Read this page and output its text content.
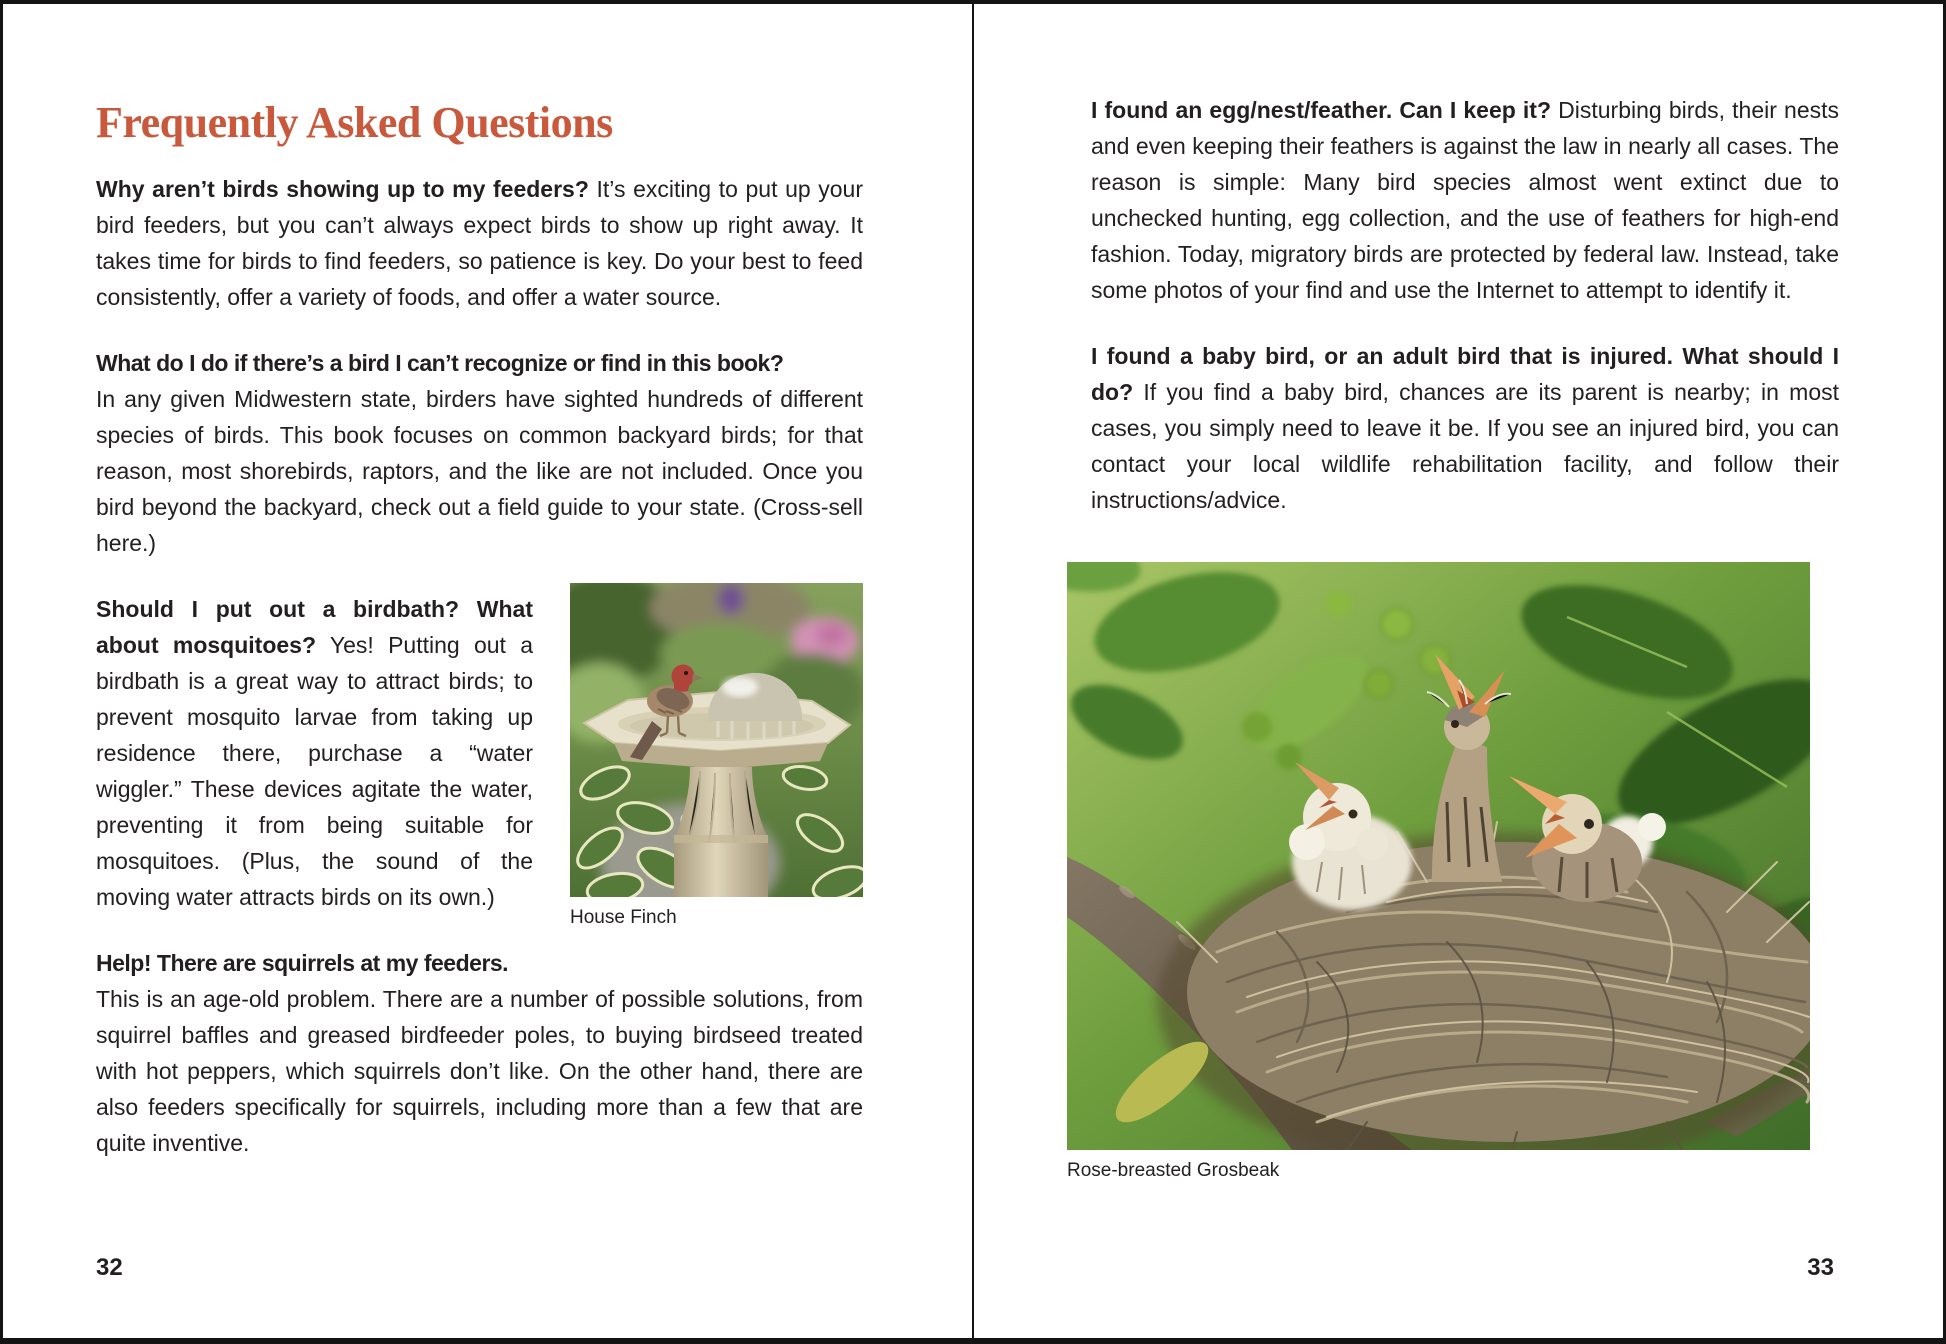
Frequently Asked Questions

Why aren’t birds showing up to my feeders? It’s exciting to put up your bird feeders, but you can’t always expect birds to show up right away. It takes time for birds to find feeders, so patience is key. Do your best to feed consistently, offer a variety of foods, and offer a water source.

What do I do if there’s a bird I can’t recognize or find in this book?
In any given Midwestern state, birders have sighted hundreds of different species of birds. This book focuses on common backyard birds; for that reason, most shorebirds, raptors, and the like are not included. Once you bird beyond the backyard, check out a field guide to your state. (Cross-sell here.)

House Finch

Should I put out a birdbath? What about mosquitoes? Yes! Putting out a birdbath is a great way to attract birds; to prevent mosquito larvae from taking up residence there, purchase a “water wiggler.” These devices agitate the water, preventing it from being suitable for mosquitoes. (Plus, the sound of the moving water attracts birds on its own.)

Help! There are squirrels at my feeders.
This is an age-old problem. There are a number of possible solutions, from squirrel baffles and greased birdfeeder poles, to buying birdseed treated with hot peppers, which squirrels don’t like. On the other hand, there are also feeders specifically for squirrels, including more than a few that are quite inventive.

32

I found an egg/nest/feather. Can I keep it? Disturbing birds, their nests and even keeping their feathers is against the law in nearly all cases. The reason is simple: Many bird species almost went extinct due to unchecked hunting, egg collection, and the use of feathers for high-end fashion. Today, migratory birds are protected by federal law. Instead, take some photos of your find and use the Internet to attempt to identify it.

I found a baby bird, or an adult bird that is injured. What should I do? If you find a baby bird, chances are its parent is nearby; in most cases, you simply need to leave it be. If you see an injured bird, you can contact your local wildlife rehabilitation facility, and follow their instructions/advice.

Rose-breasted Grosbeak
33
